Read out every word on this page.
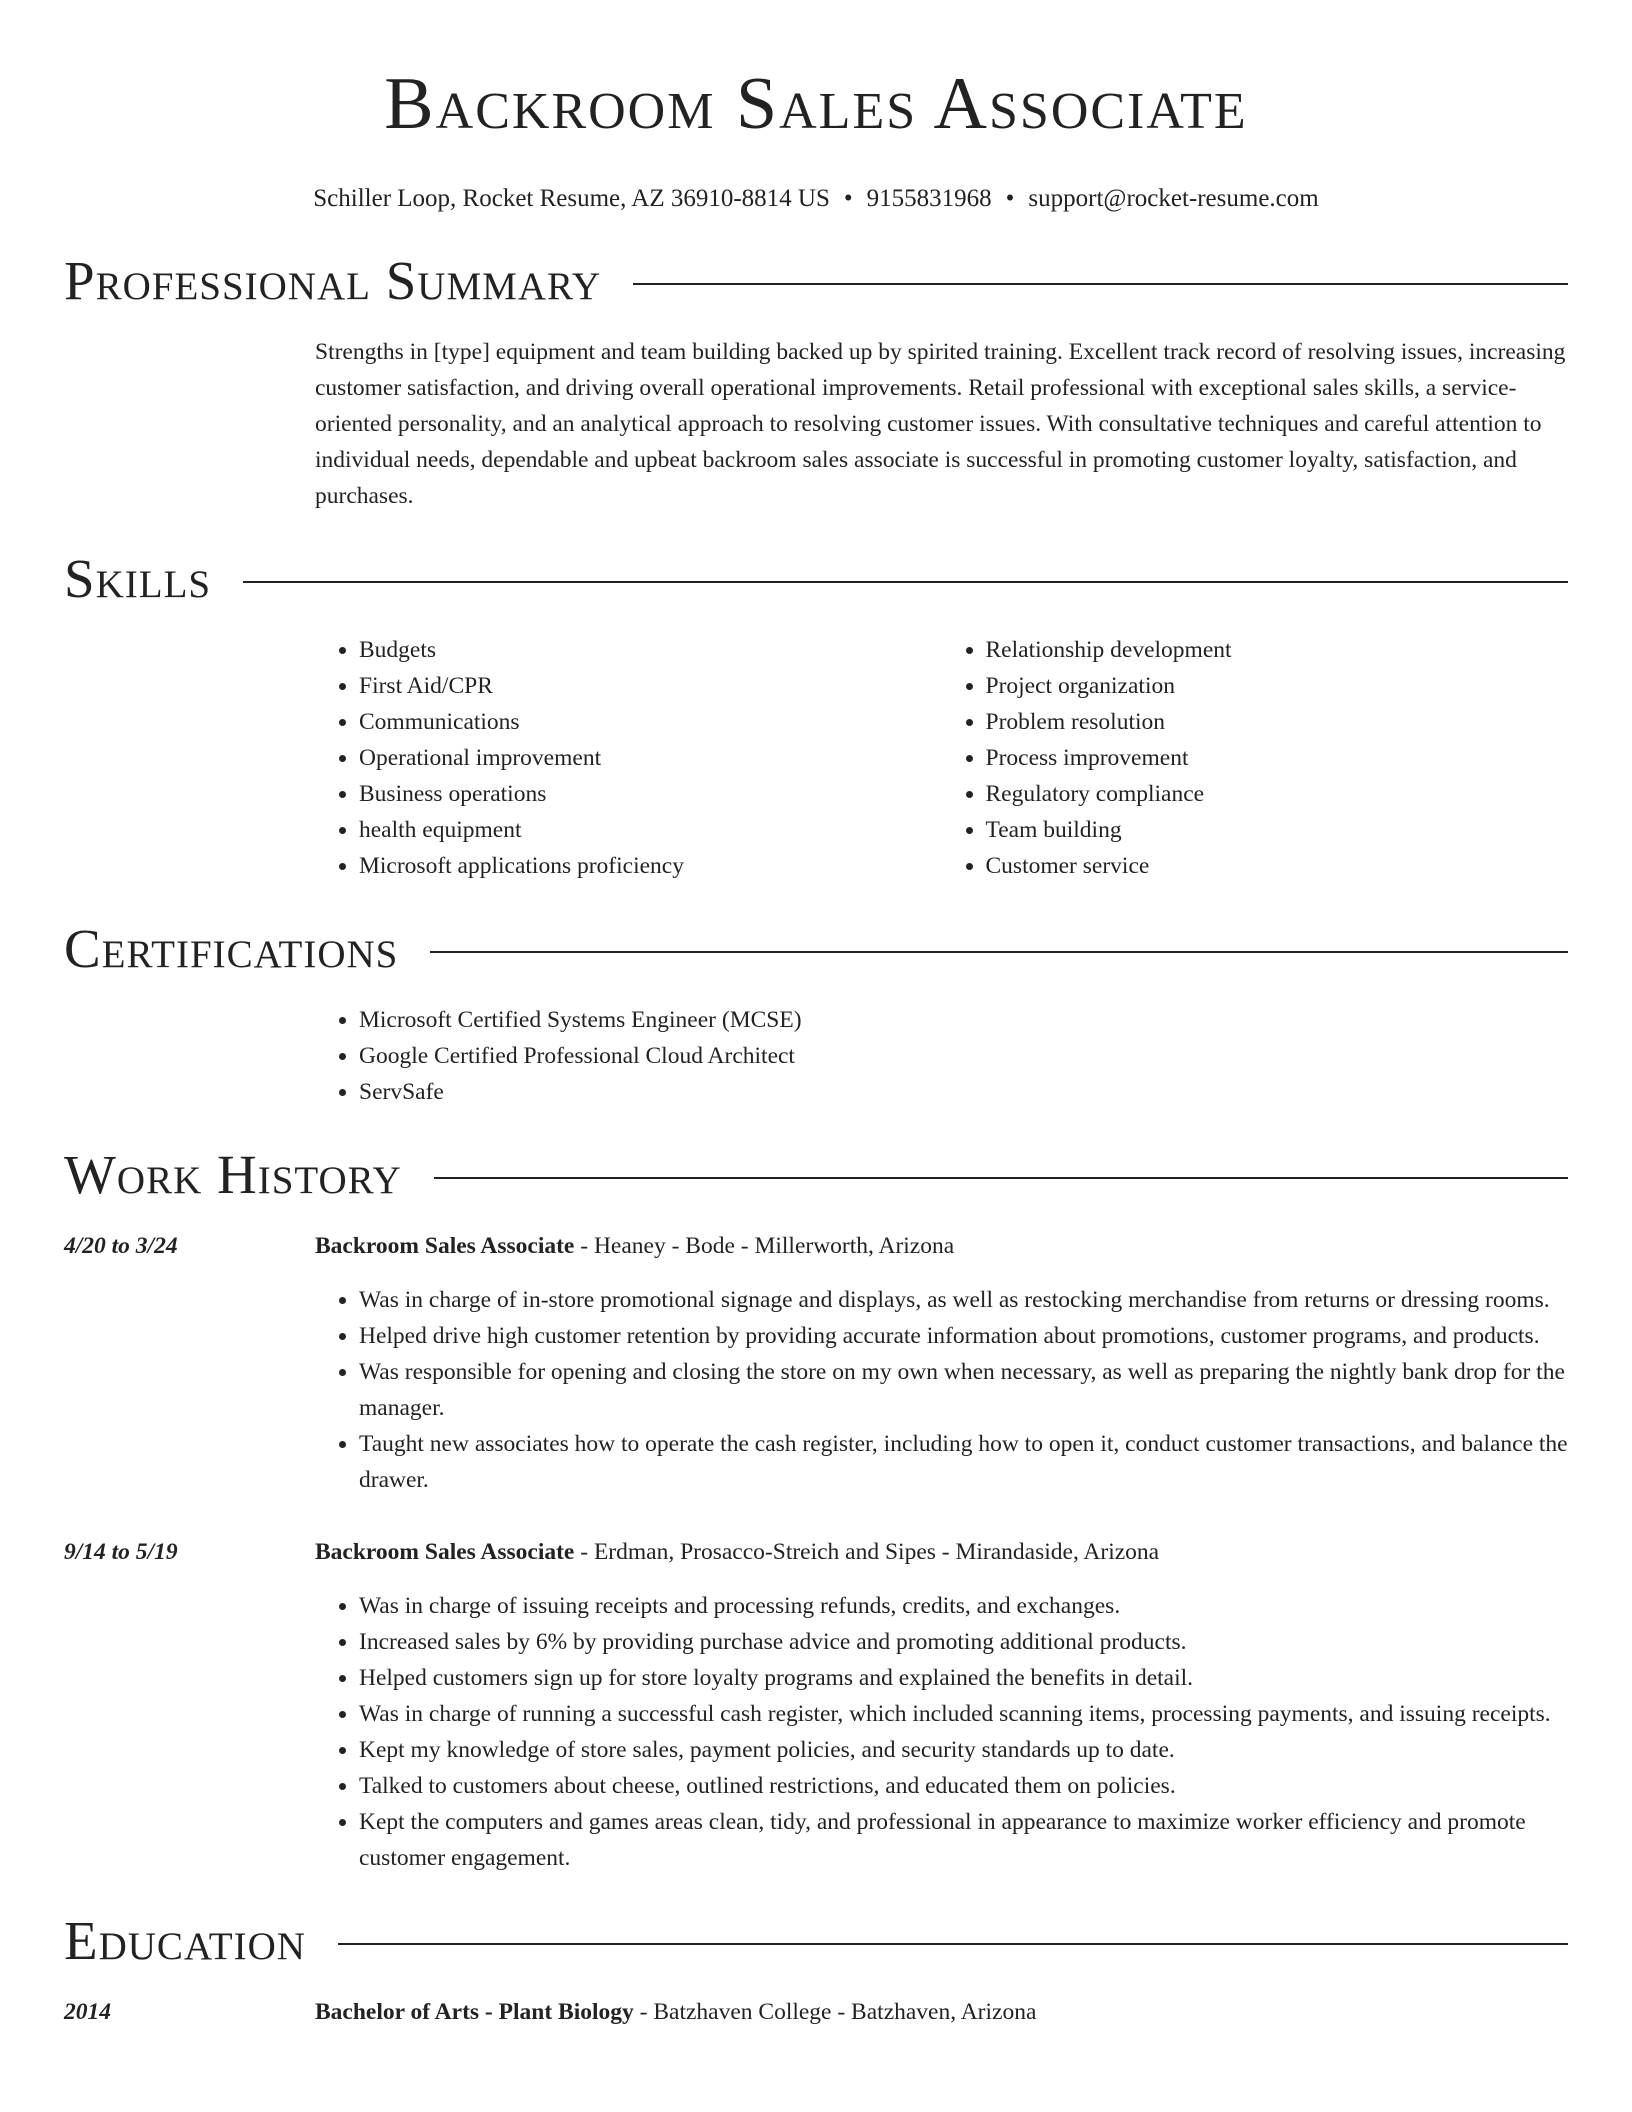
Backroom Sales Associate
Schiller Loop, Rocket Resume, AZ 36910-8814 US • 9155831968 • support@rocket-resume.com
Professional Summary

Strengths in [type] equipment and team building backed up by spirited training. Excellent track record of resolving issues, increasing customer satisfaction, and driving overall operational improvements. Retail professional with exceptional sales skills, a service-oriented personality, and an analytical approach to resolving customer issues. With consultative techniques and careful attention to individual needs, dependable and upbeat backroom sales associate is successful in promoting customer loyalty, satisfaction, and purchases.

Skills
• Budgets
• First Aid/CPR
• Communications
• Operational improvement
• Business operations
• health equipment
• Microsoft applications proficiency
• Relationship development
• Project organization
• Problem resolution
• Process improvement
• Regulatory compliance
• Team building
• Customer service
Certifications
• Microsoft Certified Systems Engineer (MCSE)
• Google Certified Professional Cloud Architect
• ServSafe
Work History
4/20 to 3/24	Backroom Sales Associate - Heaney - Bode - Millerworth, Arizona
• Was in charge of in-store promotional signage and displays, as well as restocking merchandise from returns or dressing rooms.
• Helped drive high customer retention by providing accurate information about promotions, customer programs, and products.
• Was responsible for opening and closing the store on my own when necessary, as well as preparing the nightly bank drop for the manager.
• Taught new associates how to operate the cash register, including how to open it, conduct customer transactions, and balance the drawer.
9/14 to 5/19	Backroom Sales Associate - Erdman, Prosacco-Streich and Sipes - Mirandaside, Arizona
• Was in charge of issuing receipts and processing refunds, credits, and exchanges.
• Increased sales by 6% by providing purchase advice and promoting additional products.
• Helped customers sign up for store loyalty programs and explained the benefits in detail.
• Was in charge of running a successful cash register, which included scanning items, processing payments, and issuing receipts.
• Kept my knowledge of store sales, payment policies, and security standards up to date.
• Talked to customers about cheese, outlined restrictions, and educated them on policies.
• Kept the computers and games areas clean, tidy, and professional in appearance to maximize worker efficiency and promote customer engagement.
Education
2014	Bachelor of Arts - Plant Biology - Batzhaven College - Batzhaven, Arizona
